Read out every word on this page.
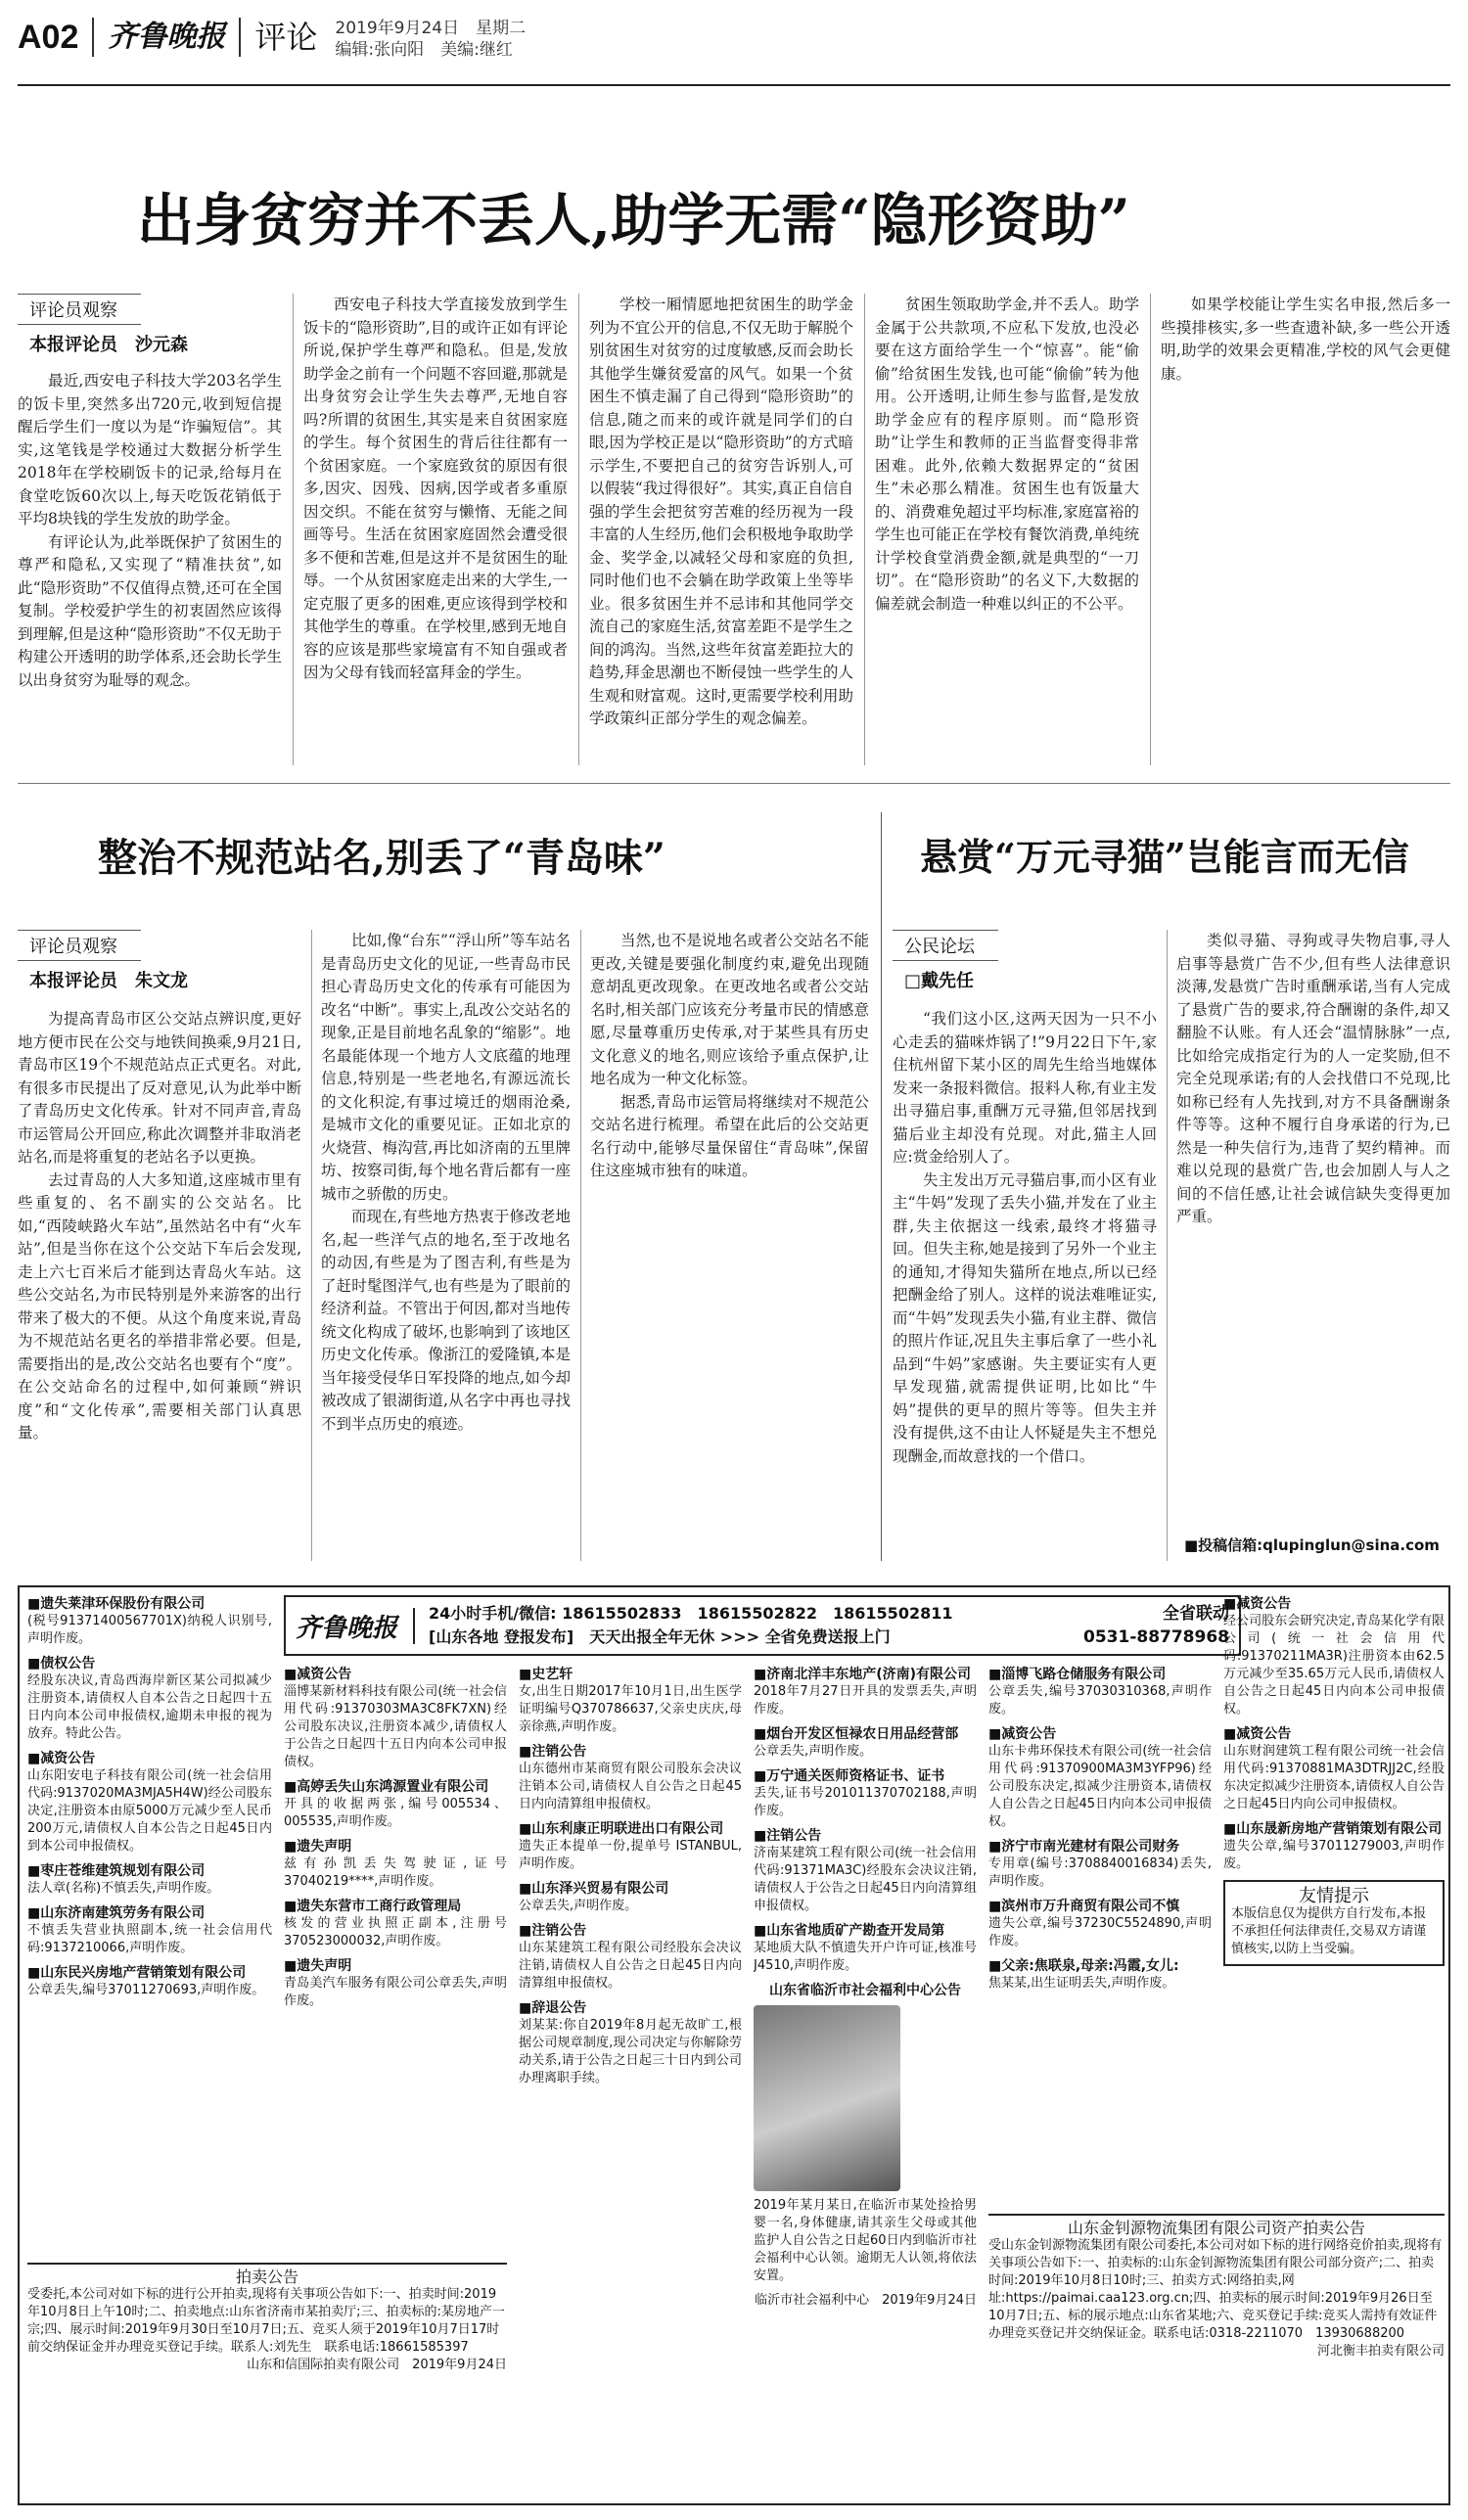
A02	齐鲁晚报 评论	2019年9月24日　星期二
编辑:张向阳　美编:继红
出身贫穷并不丢人,助学无需“隐形资助”
评论员观察
本报评论员　沙元森

最近,西安电子科技大学203名学生的饭卡里,突然多出720元,收到短信提醒后学生们一度以为是“诈骗短信”。其实,这笔钱是学校通过大数据分析学生2018年在学校刷饭卡的记录,给每月在食堂吃饭60次以上,每天吃饭花销低于平均8块钱的学生发放的助学金。

有评论认为,此举既保护了贫困生的尊严和隐私,又实现了“精准扶贫”,如此“隐形资助”不仅值得点赞,还可在全国复制。学校爱护学生的初衷固然应该得到理解,但是这种“隐形资助”不仅无助于构建公开透明的助学体系,还会助长学生以出身贫穷为耻辱的观念。

西安电子科技大学直接发放到学生饭卡的“隐形资助”,目的或许正如有评论所说,保护学生尊严和隐私。但是,发放助学金之前有一个问题不容回避,那就是出身贫穷会让学生失去尊严,无地自容吗?所谓的贫困生,其实是来自贫困家庭的学生。每个贫困生的背后往往都有一个贫困家庭。一个家庭致贫的原因有很多,因灾、因残、因病,因学或者多重原因交织。不能在贫穷与懒惰、无能之间画等号。生活在贫困家庭固然会遭受很多不便和苦难,但是这并不是贫困生的耻辱。一个从贫困家庭走出来的大学生,一定克服了更多的困难,更应该得到学校和其他学生的尊重。在学校里,感到无地自容的应该是那些家境富有不知自强或者因为父母有钱而轻富拜金的学生。

学校一厢情愿地把贫困生的助学金列为不宜公开的信息,不仅无助于解脱个别贫困生对贫穷的过度敏感,反而会助长其他学生嫌贫爱富的风气。如果一个贫困生不慎走漏了自己得到“隐形资助”的信息,随之而来的或许就是同学们的白眼,因为学校正是以“隐形资助”的方式暗示学生,不要把自己的贫穷告诉别人,可以假装“我过得很好”。其实,真正自信自强的学生会把贫穷苦难的经历视为一段丰富的人生经历,他们会积极地争取助学金、奖学金,以减轻父母和家庭的负担,同时他们也不会躺在助学政策上坐等毕业。很多贫困生并不忌讳和其他同学交流自己的家庭生活,贫富差距不是学生之间的鸿沟。当然,这些年贫富差距拉大的趋势,拜金思潮也不断侵蚀一些学生的人生观和财富观。这时,更需要学校利用助学政策纠正部分学生的观念偏差。

贫困生领取助学金,并不丢人。助学金属于公共款项,不应私下发放,也没必要在这方面给学生一个“惊喜”。能“偷偷”给贫困生发钱,也可能“偷偷”转为他用。公开透明,让师生参与监督,是发放助学金应有的程序原则。而“隐形资助”让学生和教师的正当监督变得非常困难。此外,依赖大数据界定的“贫困生”未必那么精准。贫困生也有饭量大的、消费难免超过平均标准,家庭富裕的学生也可能正在学校有餐饮消费,单纯统计学校食堂消费金额,就是典型的“一刀切”。在“隐形资助”的名义下,大数据的偏差就会制造一种难以纠正的不公平。

如果学校能让学生实名申报,然后多一些摸排核实,多一些查遗补缺,多一些公开透明,助学的效果会更精准,学校的风气会更健康。

整治不规范站名,别丢了“青岛味”
评论员观察
本报评论员　朱文龙

为提高青岛市区公交站点辨识度,更好地方便市民在公交与地铁间换乘,9月21日,青岛市区19个不规范站点正式更名。对此,有很多市民提出了反对意见,认为此举中断了青岛历史文化传承。针对不同声音,青岛市运管局公开回应,称此次调整并非取消老站名,而是将重复的老站名予以更换。

去过青岛的人大多知道,这座城市里有些重复的、名不副实的公交站名。比如,“西陵峡路火车站”,虽然站名中有“火车站”,但是当你在这个公交站下车后会发现,走上六七百米后才能到达青岛火车站。这些公交站名,为市民特别是外来游客的出行带来了极大的不便。从这个角度来说,青岛为不规范站名更名的举措非常必要。但是,需要指出的是,改公交站名也要有个“度”。在公交站命名的过程中,如何兼顾“辨识度”和“文化传承”,需要相关部门认真思量。

比如,像“台东”“浮山所”等车站名是青岛历史文化的见证,一些青岛市民担心青岛历史文化的传承有可能因为改名“中断”。事实上,乱改公交站名的现象,正是目前地名乱象的“缩影”。地名最能体现一个地方人文底蕴的地理信息,特别是一些老地名,有源远流长的文化积淀,有事过境迁的烟雨沧桑,是城市文化的重要见证。正如北京的火烧营、梅沟营,再比如济南的五里牌坊、按察司街,每个地名背后都有一座城市之骄傲的历史。

而现在,有些地方热衷于修改老地名,起一些洋气点的地名,至于改地名的动因,有些是为了图吉利,有些是为了赶时髦图洋气,也有些是为了眼前的经济利益。不管出于何因,都对当地传统文化构成了破坏,也影响到了该地区历史文化传承。像浙江的爱隆镇,本是当年接受侵华日军投降的地点,如今却被改成了银湖街道,从名字中再也寻找不到半点历史的痕迹。

当然,也不是说地名或者公交站名不能更改,关键是要强化制度约束,避免出现随意胡乱更改现象。在更改地名或者公交站名时,相关部门应该充分考量市民的情感意愿,尽量尊重历史传承,对于某些具有历史文化意义的地名,则应该给予重点保护,让地名成为一种文化标签。

据悉,青岛市运管局将继续对不规范公交站名进行梳理。希望在此后的公交站更名行动中,能够尽量保留住“青岛味”,保留住这座城市独有的味道。

悬赏“万元寻猫”岂能言而无信
公民论坛
□戴先任

“我们这小区,这两天因为一只不小心走丢的猫咪炸锅了!”9月22日下午,家住杭州留下某小区的周先生给当地媒体发来一条报料微信。报料人称,有业主发出寻猫启事,重酬万元寻猫,但邻居找到猫后业主却没有兑现。对此,猫主人回应:赏金给别人了。

失主发出万元寻猫启事,而小区有业主“牛妈”发现了丢失小猫,并发在了业主群,失主依据这一线索,最终才将猫寻回。但失主称,她是接到了另外一个业主的通知,才得知失猫所在地点,所以已经把酬金给了别人。这样的说法难唯证实,而“牛妈”发现丢失小猫,有业主群、微信的照片作证,况且失主事后拿了一些小礼品到“牛妈”家感谢。失主要证实有人更早发现猫,就需提供证明,比如比“牛妈”提供的更早的照片等等。但失主并没有提供,这不由让人怀疑是失主不想兑现酬金,而故意找的一个借口。

类似寻猫、寻狗或寻失物启事,寻人启事等悬赏广告不少,但有些人法律意识淡薄,发悬赏广告时重酬承诺,当有人完成了悬赏广告的要求,符合酬谢的条件,却又翻脸不认账。有人还会“温情脉脉”一点,比如给完成指定行为的人一定奖励,但不完全兑现承诺;有的人会找借口不兑现,比如称已经有人先找到,对方不具备酬谢条件等等。这种不履行自身承诺的行为,已然是一种失信行为,违背了契约精神。而难以兑现的悬赏广告,也会加剧人与人之间的不信任感,让社会诚信缺失变得更加严重。

■投稿信箱:qlupinglun@sina.com
齐鲁晚报	24小时手机/微信: 18615502833　18615502822　18615502811
[山东各地 登报发布]　天天出报全年无休 >>> 全省免费送报上门
全省联动
0531-88778968
■遗失莱津环保股份有限公司
(税号91371400567701X)纳税人识别号,声明作废。
■债权公告
经股东决议,青岛西海岸新区某公司拟减少注册资本,请债权人自本公告之日起四十五日内向本公司申报债权,逾期未申报的视为放弃。特此公告。
■减资公告
山东阳安电子科技有限公司(统一社会信用代码:9137020MA3MJA5H4W)经公司股东决定,注册资本由原5000万元减少至人民币200万元,请债权人自本公告之日起45日内到本公司申报债权。
■枣庄苍维建筑规划有限公司
法人章(名称)不慎丢失,声明作废。
■山东济南建筑劳务有限公司
不慎丢失营业执照副本,统一社会信用代码:9137210066,声明作废。
■山东民兴房地产营销策划有限公司
公章丢失,编号37011270693,声明作废。
拍卖公告
受委托,本公司对如下标的进行公开拍卖,现将有关事项公告如下:一、拍卖时间:2019年10月8日上午10时;二、拍卖地点:山东省济南市某拍卖厅;三、拍卖标的:某房地产一宗;四、展示时间:2019年9月30日至10月7日;五、竞买人须于2019年10月7日17时前交纳保证金并办理竞买登记手续。联系人:刘先生　联系电话:18661585397
山东和信国际拍卖有限公司　2019年9月24日
■减资公告
淄博某新材料科技有限公司(统一社会信用代码:91370303MA3C8FK7XN)经公司股东决议,注册资本减少,请债权人于公告之日起四十五日内向本公司申报债权。
■高婷丢失山东鸿源置业有限公司
开具的收据两张,编号005534、005535,声明作废。
■遗失声明
兹有孙凯丢失驾驶证,证号37040219****,声明作废。
■遗失东营市工商行政管理局
核发的营业执照正副本,注册号370523000032,声明作废。
■遗失声明
青岛美汽车服务有限公司公章丢失,声明作废。
■史艺轩
女,出生日期2017年10月1日,出生医学证明编号Q370786637,父亲史庆庆,母亲徐燕,声明作废。
■注销公告
山东德州市某商贸有限公司股东会决议注销本公司,请债权人自公告之日起45日内向清算组申报债权。
■山东利康正明联进出口有限公司
遗失正本提单一份,提单号 ISTANBUL,声明作废。
■山东泽兴贸易有限公司
公章丢失,声明作废。
■注销公告
山东某建筑工程有限公司经股东会决议注销,请债权人自公告之日起45日内向清算组申报债权。
■辞退公告
刘某某:你自2019年8月起无故旷工,根据公司规章制度,现公司决定与你解除劳动关系,请于公告之日起三十日内到公司办理离职手续。
■济南北洋丰东地产(济南)有限公司
2018年7月27日开具的发票丢失,声明作废。
■烟台开发区恒禄农日用品经营部
公章丢失,声明作废。
■万宁通关医师资格证书、证书
丢失,证书号201011370702188,声明作废。
■注销公告
济南某建筑工程有限公司(统一社会信用代码:91371MA3C)经股东会决议注销,请债权人于公告之日起45日内向清算组申报债权。
■山东省地质矿产勘查开发局第
某地质大队不慎遗失开户许可证,核准号J4510,声明作废。
山东省临沂市社会福利中心公告
2019年某月某日,在临沂市某处捡拾男婴一名,身体健康,请其亲生父母或其他监护人自公告之日起60日内到临沂市社会福利中心认领。逾期无人认领,将依法安置。
临沂市社会福利中心　2019年9月24日
■淄博飞路仓储服务有限公司
公章丢失,编号37030310368,声明作废。
■减资公告
山东卡弗环保技术有限公司(统一社会信用代码:91370900MA3M3YFP96)经公司股东决定,拟减少注册资本,请债权人自公告之日起45日内向本公司申报债权。
■济宁市南光建材有限公司财务
专用章(编号:3708840016834)丢失,声明作废。
■滨州市万升商贸有限公司不慎
遗失公章,编号37230C5524890,声明作废。
■父亲:焦联泉,母亲:冯霞,女儿:
焦某某,出生证明丢失,声明作废。
■减资公告
经公司股东会研究决定,青岛某化学有限公司(统一社会信用代码:91370211MA3R)注册资本由62.5万元减少至35.65万元人民币,请债权人自公告之日起45日内向本公司申报债权。
■减资公告
山东财润建筑工程有限公司统一社会信用代码:91370881MA3DTRJJ2C,经股东决定拟减少注册资本,请债权人自公告之日起45日内向公司申报债权。
■山东晟新房地产营销策划有限公司
遗失公章,编号37011279003,声明作废。
友情提示
本版信息仅为提供方自行发布,本报不承担任何法律责任,交易双方请谨慎核实,以防上当受骗。
山东金钊源物流集团有限公司资产拍卖公告
受山东金钊源物流集团有限公司委托,本公司对如下标的进行网络竞价拍卖,现将有关事项公告如下:一、拍卖标的:山东金钊源物流集团有限公司部分资产;二、拍卖时间:2019年10月8日10时;三、拍卖方式:网络拍卖,网址:https://paimai.caa123.org.cn;四、拍卖标的展示时间:2019年9月26日至10月7日;五、标的展示地点:山东省某地;六、竞买登记手续:竞买人需持有效证件办理竞买登记并交纳保证金。联系电话:0318-2211070　13930688200
河北衡丰拍卖有限公司
